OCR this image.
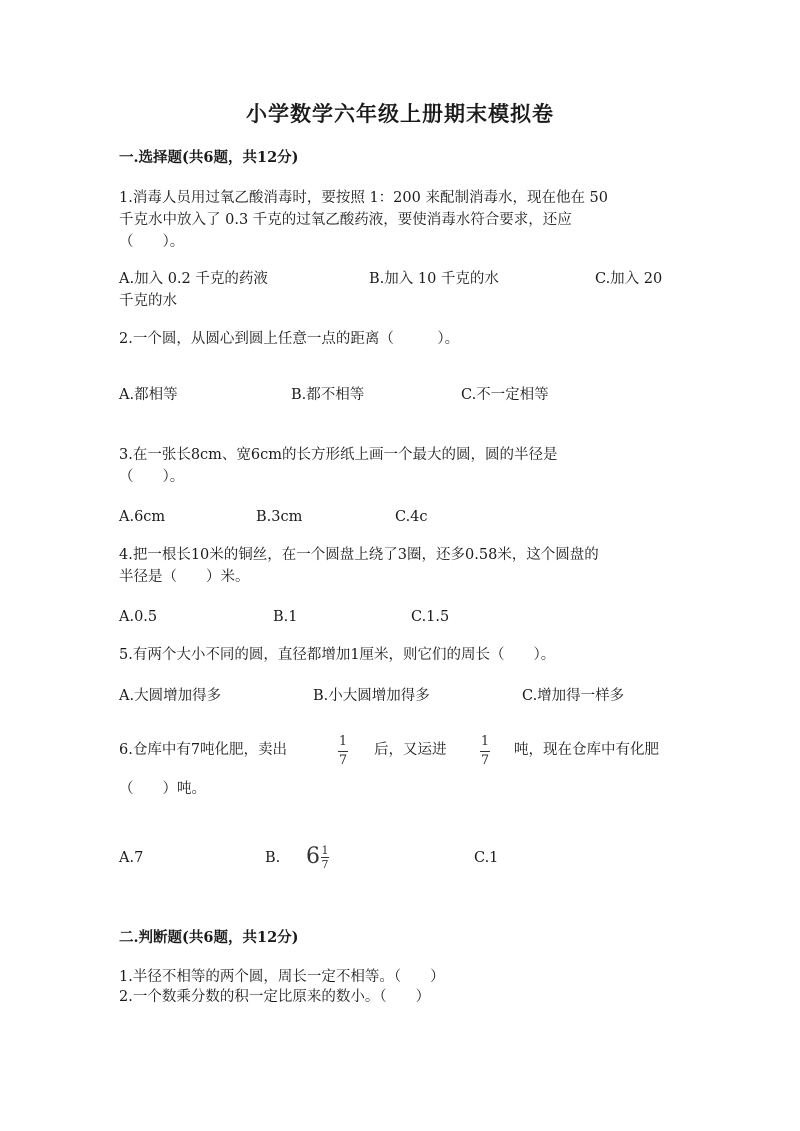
小学数学六年级上册期末模拟卷
一.选择题(共6题，共12分)
1.消毒人员用过氧乙酸消毒时，要按照 1：200 来配制消毒水，现在他在 50
千克水中放入了 0.3 千克的过氧乙酸药液，要使消毒水符合要求，还应
（　　）。
A.加入 0.2 千克的药液	B.加入 10 千克的水	C.加入 20
千克的水
2.一个圆，从圆心到圆上任意一点的距离（　　　）。
A.都相等	B.都不相等	C.不一定相等
3.在一张长8cm、宽6cm的长方形纸上画一个最大的圆，圆的半径是
（　　）。
A.6cm	B.3cm	C.4c
4.把一根长10米的铜丝，在一个圆盘上绕了3圈，还多0.58米，这个圆盘的
半径是（　　）米。
A.0.5	B.1	C.1.5
5.有两个大小不同的圆，直径都增加1厘米，则它们的周长（　　）。
A.大圆增加得多	B.小大圆增加得多	C.增加得一样多
6.仓库中有7吨化肥，卖出
1
7
后，又运进
1
7
吨，现在仓库中有化肥
（　　）吨。
A.7	B. $6 \frac{1}{7}$	C.1
二.判断题(共6题，共12分)
1.半径不相等的两个圆，周长一定不相等。（　　）
2.一个数乘分数的积一定比原来的数小。（　　）
